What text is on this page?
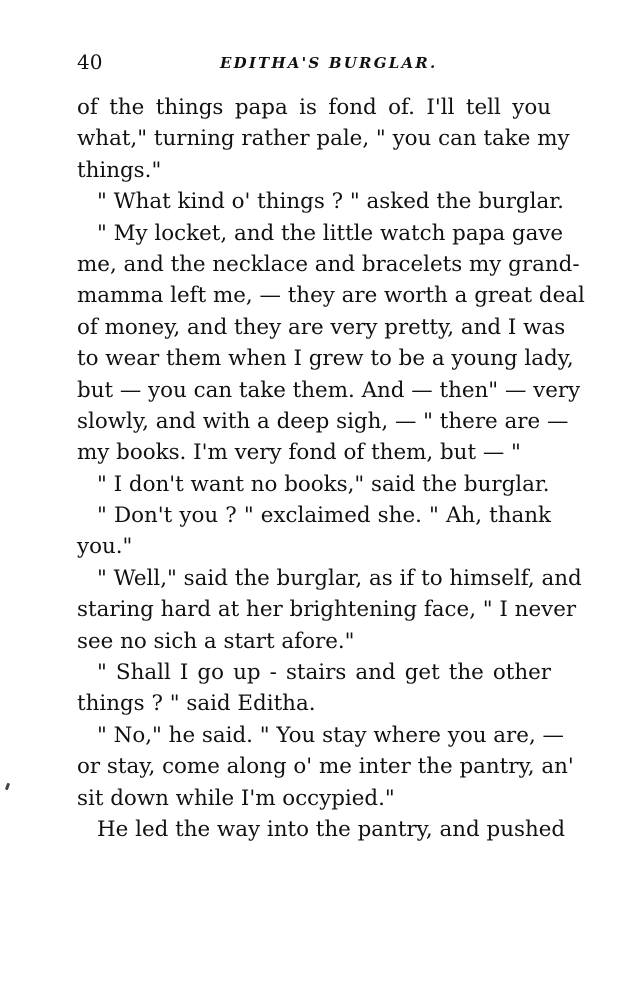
40	EDITHA'S BURGLAR.
of the things papa is fond of. I'll tell you
what," turning rather pale, " you can take my
things."
" What kind o' things ? " asked the burglar.
" My locket, and the little watch papa gave
me, and the necklace and bracelets my grand-
mamma left me, — they are worth a great deal
of money, and they are very pretty, and I was
to wear them when I grew to be a young lady,
but — you can take them. And — then" — very
slowly, and with a deep sigh, — " there are —
my books. I'm very fond of them, but — "
" I don't want no books," said the burglar.
" Don't you ? " exclaimed she. " Ah, thank
you."
" Well," said the burglar, as if to himself, and
staring hard at her brightening face, " I never
see no sich a start afore."
" Shall I go up - stairs and get the other
things ? " said Editha.
" No," he said. " You stay where you are, —
or stay, come along o' me inter the pantry, an'
sit down while I'm occypied."
He led the way into the pantry, and pushed
